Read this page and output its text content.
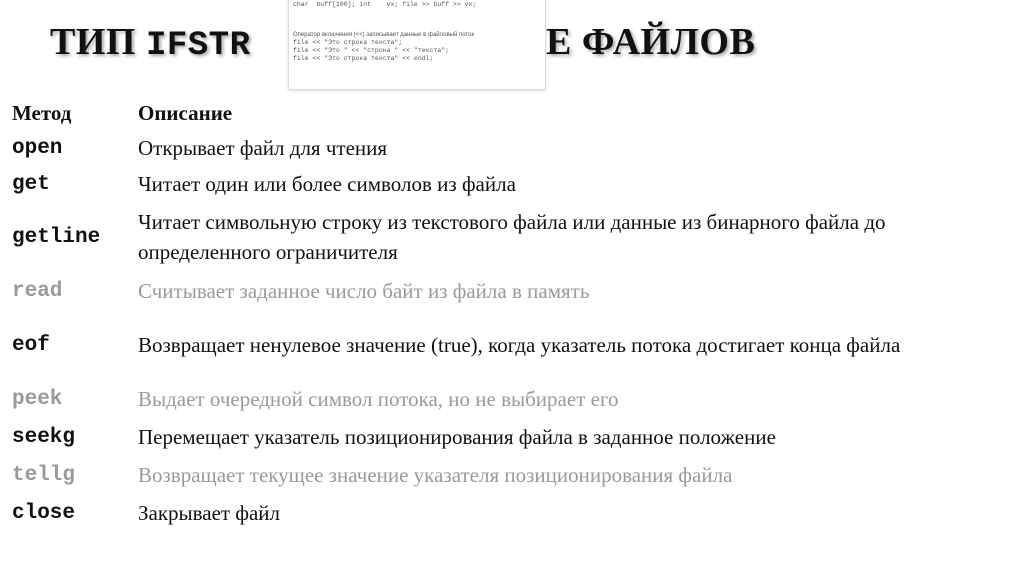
ТИП IFSTR	Е ФАЙЛОВ
char  buff[100]; int    vx; file >> buff >> vx;
Оператор включения (<<) записывает данные в файловый поток
file << "Это строка текста";
file << "Это " << "строка " << "текста";
file << "Это строка текста" << endl;
Метод	Описание
open	Открывает файл для чтения
get	Читает один или более символов из файла
getline	Читает символьную строку из текстового файла или данные из бинарного файла до определенного ограничителя
read	Считывает заданное число байт из файла в память
eof	Возвращает ненулевое значение (true), когда указатель потока достигает конца файла
peek	Выдает очередной символ потока, но не выбирает его
seekg	Перемещает указатель позиционирования файла в заданное положение
tellg	Возвращает текущее значение указателя позиционирования файла
close	Закрывает файл
